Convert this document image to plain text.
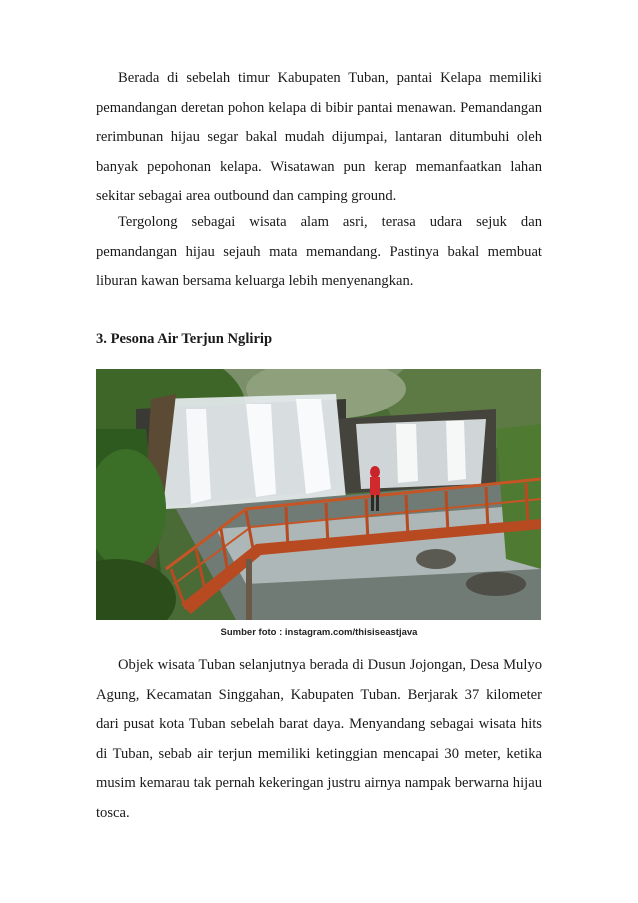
Berada di sebelah timur Kabupaten Tuban, pantai Kelapa memiliki pemandangan deretan pohon kelapa di bibir pantai menawan. Pemandangan rerimbunan hijau segar bakal mudah dijumpai, lantaran ditumbuhi oleh banyak pepohonan kelapa. Wisatawan pun kerap memanfaatkan lahan sekitar sebagai area outbound dan camping ground.

Tergolong sebagai wisata alam asri, terasa udara sejuk dan pemandangan hijau sejauh mata memandang. Pastinya bakal membuat liburan kawan bersama keluarga lebih menyenangkan.

3. Pesona Air Terjun Nglirip
Sumber foto : instagram.com/thisiseastjava

Objek wisata Tuban selanjutnya berada di Dusun Jojongan, Desa Mulyo Agung, Kecamatan Singgahan, Kabupaten Tuban. Berjarak 37 kilometer dari pusat kota Tuban sebelah barat daya. Menyandang sebagai wisata hits di Tuban, sebab air terjun memiliki ketinggian mencapai 30 meter, ketika musim kemarau tak pernah kekeringan justru airnya nampak berwarna hijau tosca.
